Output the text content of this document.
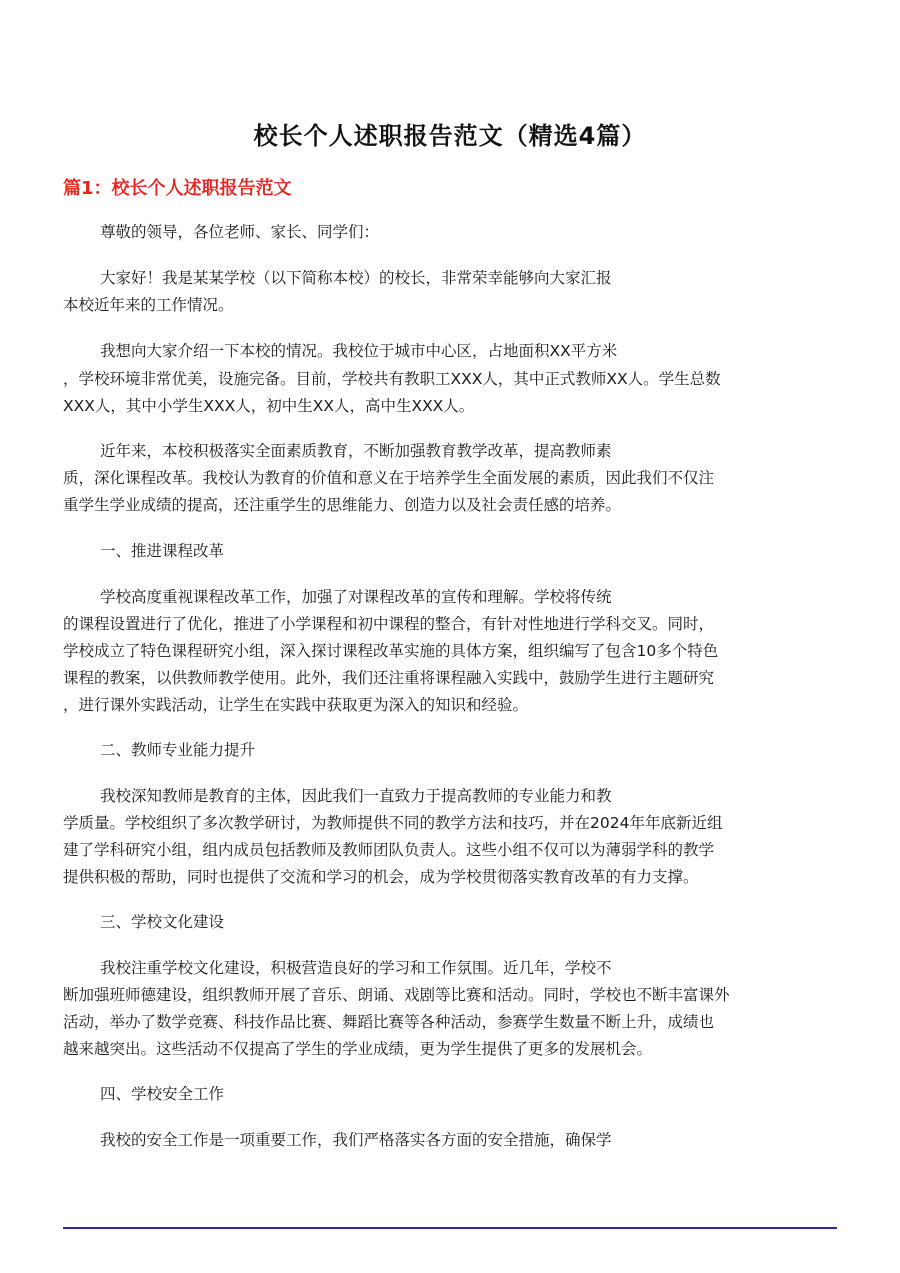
校长个人述职报告范文（精选4篇）
篇1：校长个人述职报告范文
尊敬的领导，各位老师、家长、同学们：
大家好！我是某某学校（以下简称本校）的校长，非常荣幸能够向大家汇报
本校近年来的工作情况。
我想向大家介绍一下本校的情况。我校位于城市中心区，占地面积XX平方米
，学校环境非常优美，设施完备。目前，学校共有教职工XXX人，其中正式教师XX人。学生总数
XXX人，其中小学生XXX人，初中生XX人，高中生XXX人。
近年来，本校积极落实全面素质教育，不断加强教育教学改革，提高教师素
质，深化课程改革。我校认为教育的价值和意义在于培养学生全面发展的素质，因此我们不仅注
重学生学业成绩的提高，还注重学生的思维能力、创造力以及社会责任感的培养。
一、推进课程改革
学校高度重视课程改革工作，加强了对课程改革的宣传和理解。学校将传统
的课程设置进行了优化，推进了小学课程和初中课程的整合，有针对性地进行学科交叉。同时，
学校成立了特色课程研究小组，深入探讨课程改革实施的具体方案，组织编写了包含10多个特色
课程的教案，以供教师教学使用。此外，我们还注重将课程融入实践中，鼓励学生进行主题研究
，进行课外实践活动，让学生在实践中获取更为深入的知识和经验。
二、教师专业能力提升
我校深知教师是教育的主体，因此我们一直致力于提高教师的专业能力和教
学质量。学校组织了多次教学研讨，为教师提供不同的教学方法和技巧，并在2024年年底新近组
建了学科研究小组，组内成员包括教师及教师团队负责人。这些小组不仅可以为薄弱学科的教学
提供积极的帮助，同时也提供了交流和学习的机会，成为学校贯彻落实教育改革的有力支撑。
三、学校文化建设
我校注重学校文化建设，积极营造良好的学习和工作氛围。近几年，学校不
断加强班师德建设，组织教师开展了音乐、朗诵、戏剧等比赛和活动。同时，学校也不断丰富课外
活动，举办了数学竞赛、科技作品比赛、舞蹈比赛等各种活动，参赛学生数量不断上升，成绩也
越来越突出。这些活动不仅提高了学生的学业成绩，更为学生提供了更多的发展机会。
四、学校安全工作
我校的安全工作是一项重要工作，我们严格落实各方面的安全措施，确保学
